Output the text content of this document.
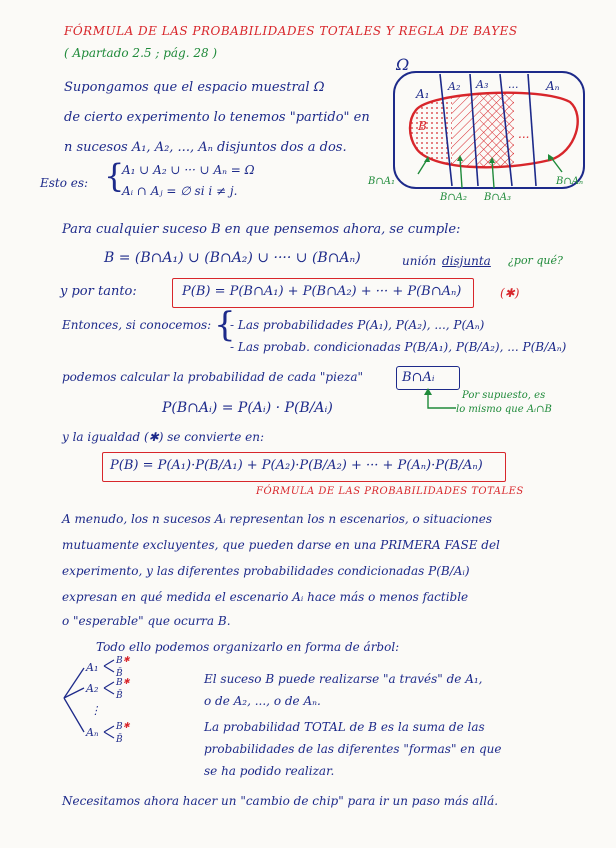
FÓRMULA DE LAS PROBABILIDADES TOTALES Y REGLA DE BAYES
( Apartado 2.5 ; pág. 28 )
Supongamos que el espacio muestral Ω
de cierto experimento lo tenemos "partido" en
n sucesos A₁, A₂, ..., Aₙ disjuntos dos a dos.
Esto es: {
A₁ ∪ A₂ ∪ ··· ∪ Aₙ = Ω
Aᵢ ∩ Aⱼ = ∅ si i ≠ j.
Ω
A₁
A₂ A₃ ... Aₙ
B
...
B∩A₁
B∩A₂ B∩A₃
B∩Aₙ
Para cualquier suceso B en que pensemos ahora, se cumple:
B = (B∩A₁) ∪ (B∩A₂) ∪ ···· ∪ (B∩Aₙ)	unión disjunta ¿por qué?
y por tanto:	P(B) = P(B∩A₁) + P(B∩A₂) + ··· + P(B∩Aₙ)	(✱)
Entonces, si conocemos: {
- Las probabilidades P(A₁), P(A₂), ..., P(Aₙ)
- Las probab. condicionadas P(B/A₁), P(B/A₂), ... P(B/Aₙ)
podemos calcular la probabilidad de cada "pieza"	B∩Aᵢ
Por supuesto, es
lo mismo que Aᵢ∩B
P(B∩Aᵢ) = P(Aᵢ) · P(B/Aᵢ)
y la igualdad (✱) se convierte en:
P(B) = P(A₁)·P(B/A₁) + P(A₂)·P(B/A₂) + ··· + P(Aₙ)·P(B/Aₙ)
FÓRMULA DE LAS PROBABILIDADES TOTALES
A menudo, los n sucesos Aᵢ representan los n escenarios, o situaciones
mutuamente excluyentes, que pueden darse en una PRIMERA FASE del
experimento, y las diferentes probabilidades condicionadas P(B/Aᵢ)
expresan en qué medida el escenario Aᵢ hace más o menos factible
o "esperable" que ocurra B.
Todo ello podemos organizarlo en forma de árbol:
A₁
A₂
⋮
Aₙ
B ✱
B̄
B ✱
B̄
B ✱
B̄
El suceso B puede realizarse "a través" de A₁,
o de A₂, ..., o de Aₙ.
La probabilidad TOTAL de B es la suma de las
probabilidades de las diferentes "formas" en que
se ha podido realizar.
Necesitamos ahora hacer un "cambio de chip" para ir un paso más allá.
